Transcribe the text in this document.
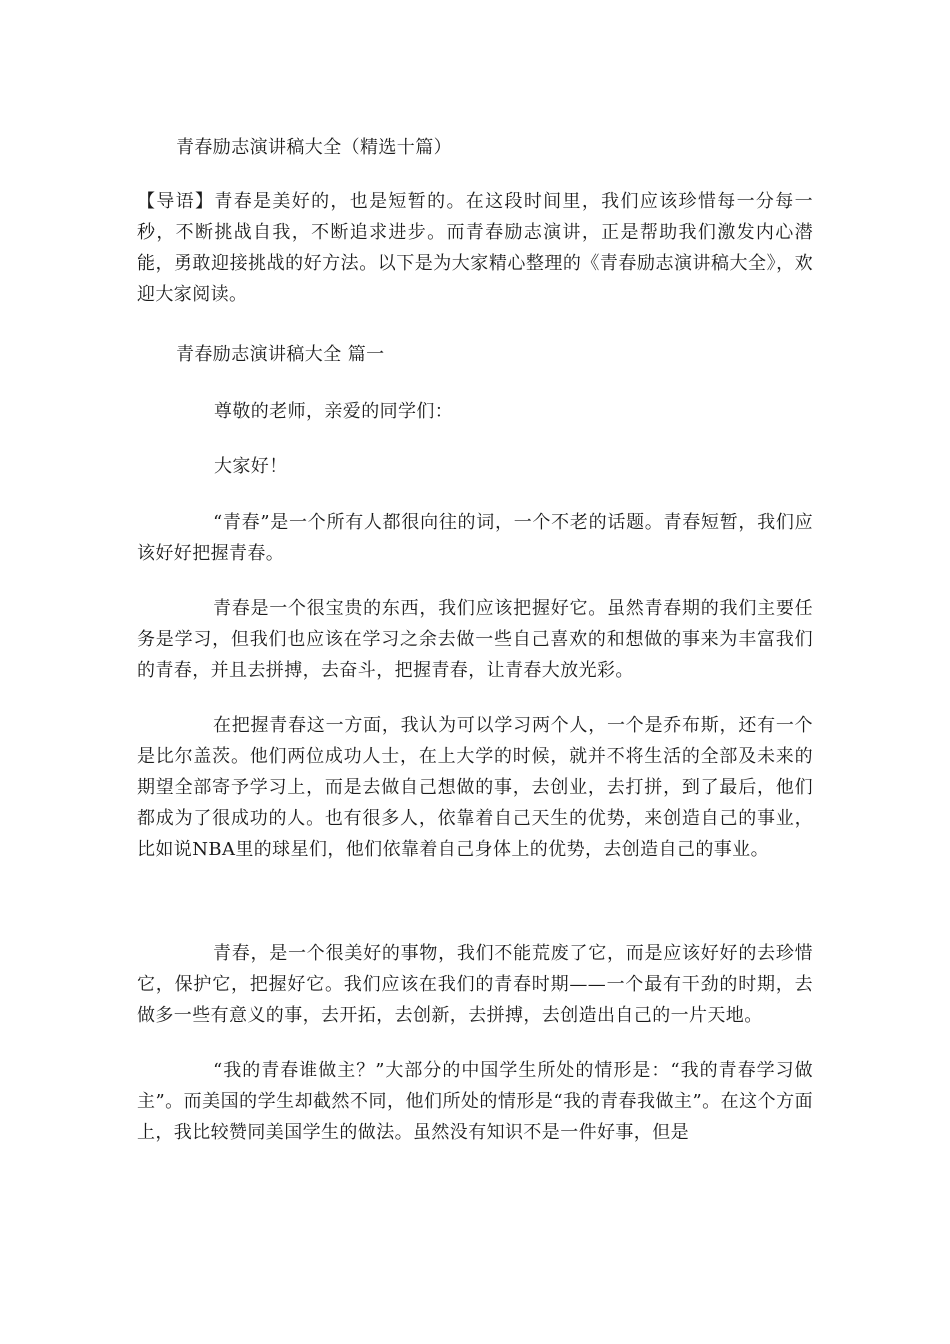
青春励志演讲稿大全（精选十篇）

【导语】青春是美好的，也是短暂的。在这段时间里，我们应该珍惜每一分每一秒，不断挑战自我，不断追求进步。而青春励志演讲，正是帮助我们激发内心潜能，勇敢迎接挑战的好方法。以下是为大家精心整理的《青春励志演讲稿大全》，欢迎大家阅读。

青春励志演讲稿大全 篇一

尊敬的老师，亲爱的同学们：

大家好！

“青春”是一个所有人都很向往的词，一个不老的话题。青春短暂，我们应该好好把握青春。

青春是一个很宝贵的东西，我们应该把握好它。虽然青春期的我们主要任务是学习，但我们也应该在学习之余去做一些自己喜欢的和想做的事来为丰富我们的青春，并且去拼搏，去奋斗，把握青春，让青春大放光彩。

在把握青春这一方面，我认为可以学习两个人，一个是乔布斯，还有一个是比尔盖茨。他们两位成功人士，在上大学的时候，就并不将生活的全部及未来的期望全部寄予学习上，而是去做自己想做的事，去创业，去打拼，到了最后，他们都成为了很成功的人。也有很多人，依靠着自己天生的优势，来创造自己的事业，比如说NBA里的球星们，他们依靠着自己身体上的优势，去创造自己的事业。

青春，是一个很美好的事物，我们不能荒废了它，而是应该好好的去珍惜它，保护它，把握好它。我们应该在我们的青春时期——一个最有干劲的时期，去做多一些有意义的事，去开拓，去创新，去拼搏，去创造出自己的一片天地。

“我的青春谁做主？”大部分的中国学生所处的情形是：“我的青春学习做主”。而美国的学生却截然不同，他们所处的情形是“我的青春我做主”。在这个方面上，我比较赞同美国学生的做法。虽然没有知识不是一件好事，但是
